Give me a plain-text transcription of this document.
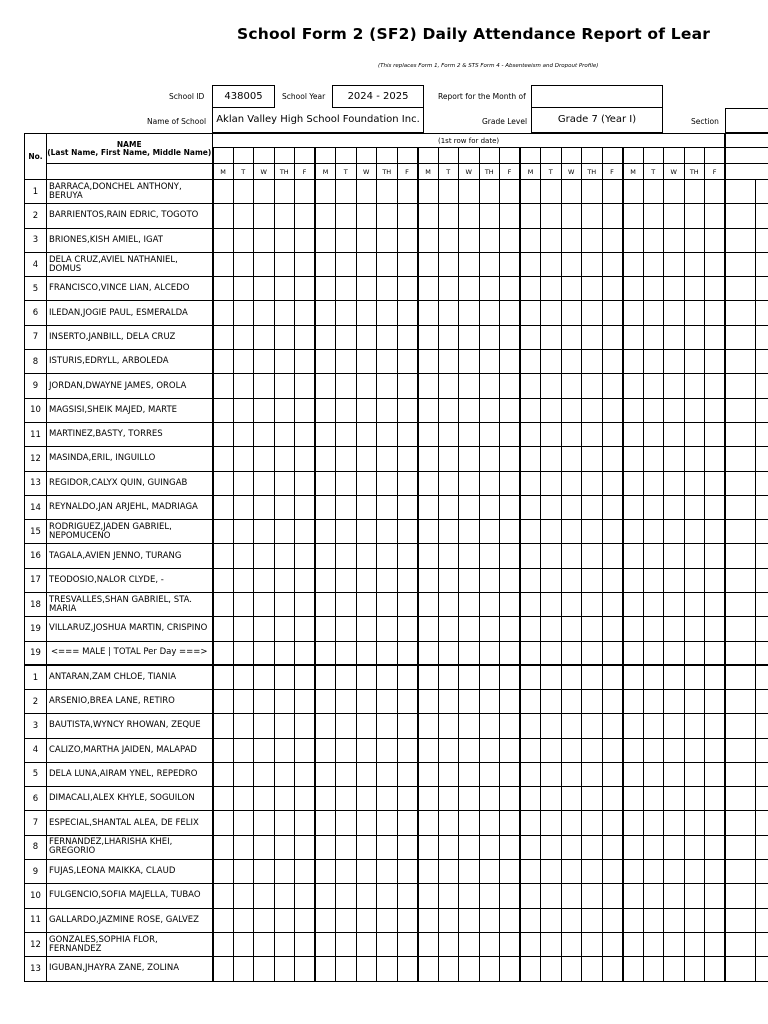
School Form 2 (SF2) Daily Attendance Report of Lear
(This replaces Form 1, Form 2 & STS Form 4 - Absenteeism and Dropout Profile)
School ID	438005	School Year	2024 - 2025	Report for the Month of
Name of School	Aklan Valley High School Foundation Inc.	Grade Level	Grade 7 (Year I)	Section
No.	NAME
(Last Name, First Name, Middle Name)	(1st row for date)																										

		M	T	W	TH	F	M	T	W	TH	F	M	T	W	TH	F	M	T	W	TH	F	M	T	W	TH	F		
1	BARRACA,DONCHEL ANTHONY, BERUYA																											
2	BARRIENTOS,RAIN EDRIC, TOGOTO																											
3	BRIONES,KISH AMIEL, IGAT																											
4	DELA CRUZ,AVIEL NATHANIEL, DOMUS																											
5	FRANCISCO,VINCE LIAN, ALCEDO																											
6	ILEDAN,JOGIE PAUL, ESMERALDA																											
7	INSERTO,JANBILL, DELA CRUZ																											
8	ISTURIS,EDRYLL, ARBOLEDA																											
9	JORDAN,DWAYNE JAMES, OROLA																											
10	MAGSISI,SHEIK MAJED, MARTE																											
11	MARTINEZ,BASTY, TORRES																											
12	MASINDA,ERIL, INGUILLO																											
13	REGIDOR,CALYX QUIN, GUINGAB																											
14	REYNALDO,JAN ARJEHL, MADRIAGA																											
15	RODRIGUEZ,JADEN GABRIEL, NEPOMUCENO																											
16	TAGALA,AVIEN JENNO, TURANG																											
17	TEODOSIO,NALOR CLYDE, -																											
18	TRESVALLES,SHAN GABRIEL, STA. MARIA																											
19	VILLARUZ,JOSHUA MARTIN, CRISPINO																											
19	<=== MALE | TOTAL Per Day ===>																											
1	ANTARAN,ZAM CHLOE, TIANIA																											
2	ARSENIO,BREA LANE, RETIRO																											
3	BAUTISTA,WYNCY RHOWAN, ZEQUE																											
4	CALIZO,MARTHA JAIDEN, MALAPAD																											
5	DELA LUNA,AIRAM YNEL, REPEDRO																											
6	DIMACALI,ALEX KHYLE, SOGUILON																											
7	ESPECIAL,SHANTAL ALEA, DE FELIX																											
8	FERNANDEZ,LHARISHA KHEI, GREGORIO																											
9	FUJAS,LEONA MAIKKA, CLAUD																											
10	FULGENCIO,SOFIA MAJELLA, TUBAO																											
11	GALLARDO,JAZMINE ROSE, GALVEZ																											
12	GONZALES,SOPHIA FLOR, FERNANDEZ																											
13	IGUBAN,JHAYRA ZANE, ZOLINA																											
